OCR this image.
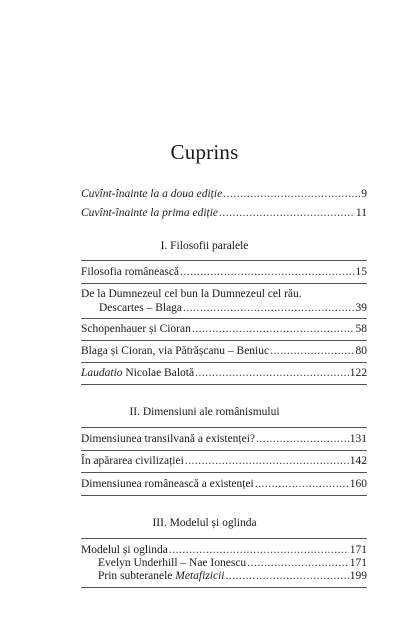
Cuprins
Cuvînt-înainte la a doua ediție .....	9
Cuvînt-înainte la prima ediție .....	11
I. Filosofii paralele
Filosofia românească .....	15
De la Dumnezeul cel bun la Dumnezeul cel rău.
Descartes – Blaga .....	39
Schopenhauer și Cioran .....	58
Blaga și Cioran, via Pătrășcanu – Beniuc .....	80
Laudatio Nicolae Balotă .....	122
II. Dimensiuni ale românismului
Dimensiunea transilvană a existenței? .....	131
În apărarea civilizației .....	142
Dimensiunea românească a existenței .....	160
III. Modelul și oglinda
Modelul și oglinda .....	171
Evelyn Underhill – Nae Ionescu .....	171
Prin subteranele Metafizicii .....	199
